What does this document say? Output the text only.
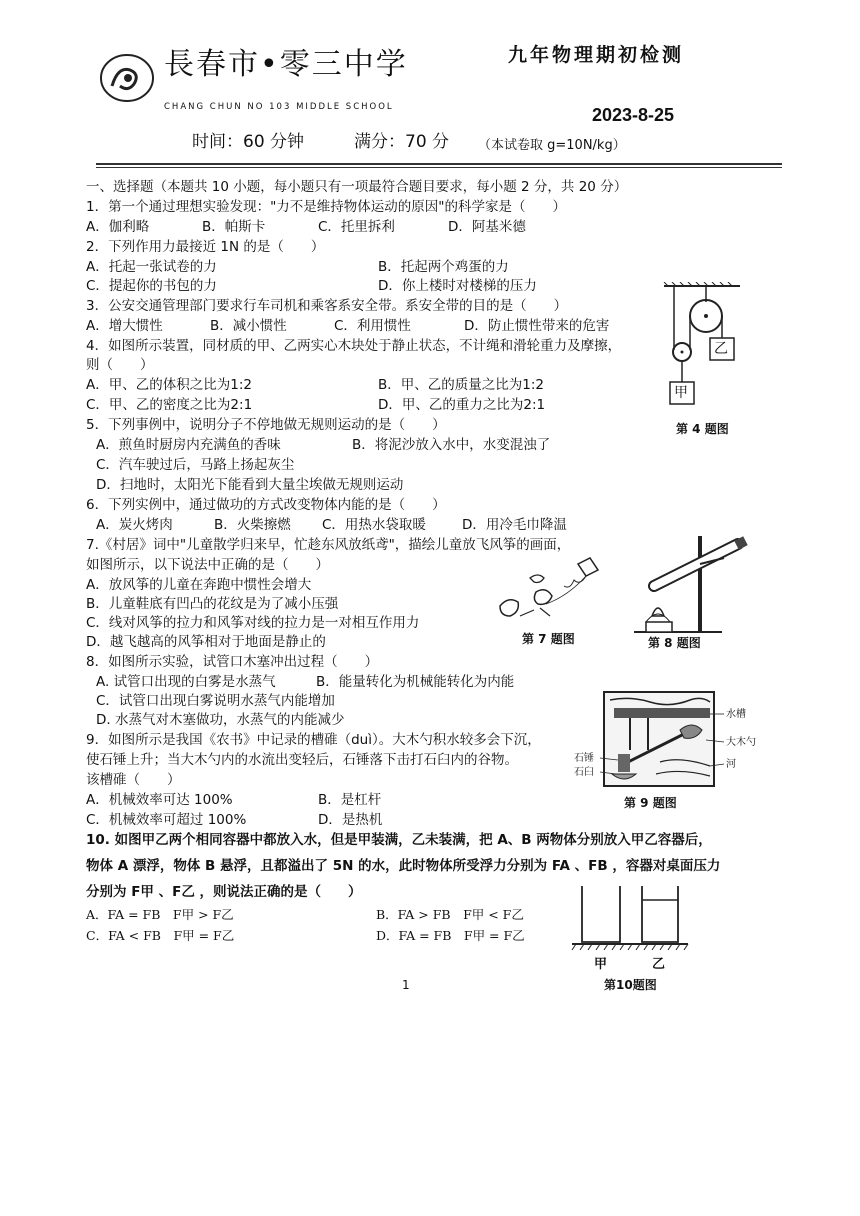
長春市•零三中学
CHANG CHUN NO 103 MIDDLE SCHOOL
九年物理期初检测
2023-8-25
时间：60 分钟	满分：70 分 （本试卷取 g=10N/kg）
一、选择题（本题共 10 小题，每小题只有一项最符合题目要求，每小题 2 分，共 20 分）
1．第一个通过理想实验发现："力不是维持物体运动的原因"的科学家是（　　）
A．伽利略	B．帕斯卡	C．托里拆利	D．阿基米德
2．下列作用力最接近 1N 的是（　　）
A．托起一张试卷的力	B．托起两个鸡蛋的力
C．提起你的书包的力	D．你上楼时对楼梯的压力
3．公安交通管理部门要求行车司机和乘客系安全带。系安全带的目的是（　　）
A．增大惯性	B．减小惯性	C．利用惯性	D．防止惯性带来的危害
4．如图所示装置，同材质的甲、乙两实心木块处于静止状态，不计绳和滑轮重力及摩擦，
则（　　）
A．甲、乙的体积之比为1:2	B．甲、乙的质量之比为1:2
C．甲、乙的密度之比为2:1	D．甲、乙的重力之比为2:1
甲
乙
第 4 题图
5．下列事例中，说明分子不停地做无规则运动的是（　　）
A．煎鱼时厨房内充满鱼的香味	B．将泥沙放入水中，水变混浊了
C．汽车驶过后，马路上扬起灰尘
D．扫地时，太阳光下能看到大量尘埃做无规则运动
6．下列实例中，通过做功的方式改变物体内能的是（　　）
A．炭火烤肉	B．火柴擦燃 C．用热水袋取暖	D．用冷毛巾降温
7.《村居》词中"儿童散学归来早，忙趁东风放纸鸢"，描绘儿童放飞风筝的画面，
如图所示，以下说法中正确的是（　　）
A．放风筝的儿童在奔跑中惯性会增大
B．儿童鞋底有凹凸的花纹是为了减小压强
C．线对风筝的拉力和风筝对线的拉力是一对相互作用力
D．越飞越高的风筝相对于地面是静止的	第 7 题图	第 8 题图
8．如图所示实验，试管口木塞冲出过程（　　）
A. 试管口出现的白雾是水蒸气	B．能量转化为机械能转化为内能
C．试管口出现白雾说明水蒸气内能增加
D. 水蒸气对木塞做功，水蒸气的内能减少
9．如图所示是我国《农书》中记录的槽碓（duì）。大木勺积水较多会下沉，
使石锤上升；当大木勺内的水流出变轻后，石锤落下击打石臼内的谷物。
该槽碓（　　）
A．机械效率可达 100%	B．是杠杆
C．机械效率可超过 100%	D．是热机
水槽
大木勺
河
石锤
石臼
第 9 题图
10. 如图甲乙两个相同容器中都放入水，但是甲装满，乙未装满，把 A、B 两物体分别放入甲乙容器后，
物体 A 漂浮，物体 B 悬浮，且都溢出了 5N 的水，此时物体所受浮力分别为 FA 、FB ，容器对桌面压力
分别为 F甲 、F乙 ，则说法正确的是（　　）
A．FA = FB　F甲 > F乙	B．FA > FB　F甲 < F乙
C．FA < FB　F甲 = F乙	D．FA = FB　F甲 = F乙
甲	乙
第10题图
1
